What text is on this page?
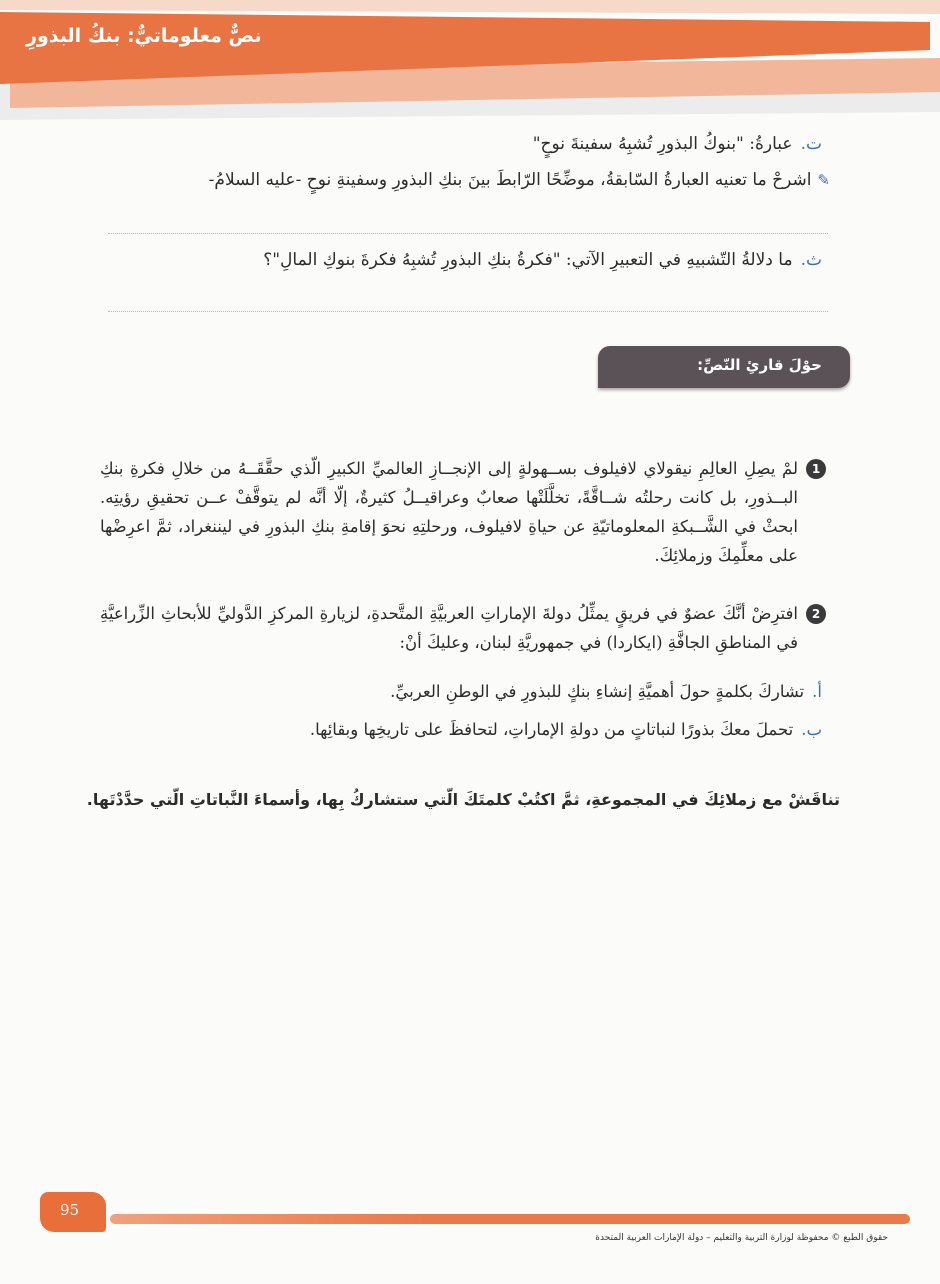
نصٌّ معلوماتيٌّ: بنكُ البذورِ
ت.عبارةُ: "بنوكُ البذورِ تُشبِهُ سفينةَ نوحٍ"
✎اشرحْ ما تعنيه العبارةُ السّابقةُ، موضِّحًا الرّابطَ بينَ بنكِ البذورِ وسفينةِ نوحٍ -عليه السلامُ-
ث.ما دلالةُ التّشبيهِ في التعبيرِ الآتي: "فكرةُ بنكِ البذورِ تُشبِهُ فكرةَ بنوكِ المالِ"؟
حوْلَ قارئِ النّصِّ:
1
لمْ يصِلِ العالِمِ نيقولاي لافيلوف بســهولةٍ إلى الإنجــازِ العالميِّ الكبيرِ الّذي حقَّقَــهُ من خلالِ فكرةِ بنكِ البــذورِ، بل كانت رحلتُه شــاقَّةً، تخلَّلَتْها صعابٌ وعراقيــلُ كثيرةٌ، إلّا أنَّه لم يتوقَّفْ عــن تحقيقِ رؤيتِه. ابحثْ في الشَّــبكةِ المعلوماتيّةِ عن حياةِ لافيلوف، ورحلتِهِ نحوَ إقامةِ بنكِ البذورِ في ليننغراد، ثمَّ اعرِضْها على معلِّمِكَ وزملائِكَ.
2
افترِضْ أنَّكَ عضوٌ في فريقٍ يمثِّلُ دولةَ الإماراتِ العربيَّةِ المتَّحدةِ، لزيارةِ المركزِ الدَّوليِّ للأبحاثِ الزِّراعيَّةِ في المناطقِ الجافَّةِ (ايكاردا) في جمهوريَّةِ لبنان، وعليكَ أنْ:
أ.تشاركَ بكلمةٍ حولَ أهميَّةِ إنشاءِ بنكٍ للبذورِ في الوطنِ العربيِّ.
ب.تحملَ معكَ بذورًا لنباتاتٍ من دولةِ الإماراتِ، لتحافظَ على تاريخِها وبقائِها.
تناقَشْ مع زملائِكَ في المجموعةِ، ثمَّ اكتُبْ كلمتَكَ الّتي ستشاركُ بِها، وأسماءَ النَّباتاتِ الّتي حدَّدْتَها.
95
حقوق الطبع © محفوظة لوزارة التربية والتعليم – دولة الإمارات العربية المتحدة
